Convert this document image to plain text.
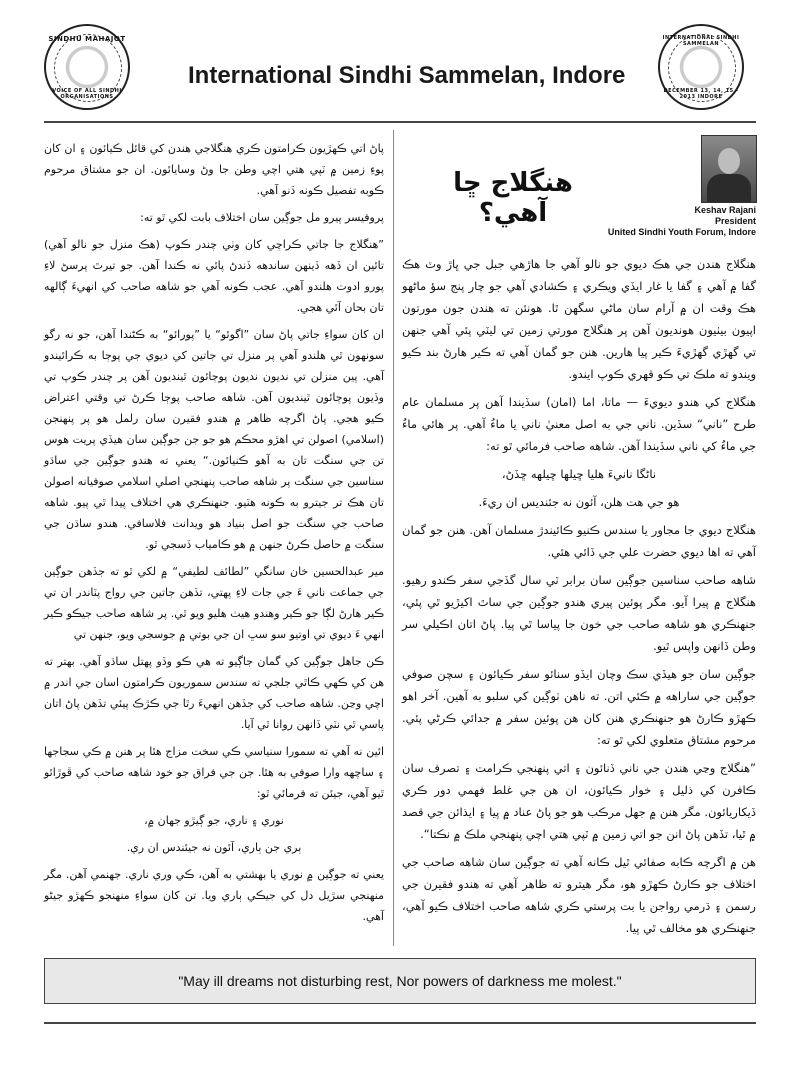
SINDHU MAHAJOT
VOICE OF ALL SINDHI ORGANISATIONS
International Sindhi Sammelan, Indore
INTERNATIONAL SINDHI SAMMELAN
DECEMBER 13, 14, 15 - 2013 INDORE

پاڻ اتي ڪهڙيون ڪرامتون ڪري هنگلاجي هندن کي قائل ڪيائون ۽ ان کان پوءِ زمين ۾ ٽپي هتي اچي وطن جا وڻ وسايائون. ان جو مشتاق مرحوم ڪوبه تفصيل ڪونه ڏنو آهي.

پروفيسر پيرو مل جوڳين سان اختلاف بابت لکي ٿو ته:

”هنگلاج جا جاتي ڪراچي کان وٺي چندر ڪوپ (هڪ منزل جو نالو آهي) تائين ان ڏهه ڏينهن ساندهه ڏندڻ پائي نه ڪندا آهن. جو تيرٿ پرسڻ لاءِ پورو ادوت هلندو آهي. عجب ڪونه آهي جو شاهه صاحب کي انهيءَ ڳالهه تان بحان آئي هجي.

ان کان سواءِ جاتي پاڻ سان ”اگوئو“ يا ”پورائو“ به ڪڻندا آهن، جو نه رگو سونهون ٿي هلندو آهي پر منزل تي جاتين کي ديوي جي پوڄا به ڪرائيندو آهي. پين منزلن تي نديون نديون پوڄائون ٿينديون آهن پر چندر ڪوپ تي وڏيون پوڄائون ٿينديون آهن. شاهه صاحب پوڄا ڪرڻ تي وقتي اعتراض ڪيو هجي. پاڻ اگرچه ظاهر ۾ هندو فقيرن سان رلمل هو پر پنهنجن (اسلامي) اصولن تي اهڙو محڪم هو جو جن جوڳين سان هيڏي پريت هوس تن جي سنگت تان به آهو ڪنيائون.“ يعني ته هندو جوڳين جي ساڌو سناسين جي سنگت پر شاهه صاحب پنهنجي اصلي اسلامي صوفيانه اصولن تان هڪ تر جيترو به ڪونه هٽيو. جنهنڪري هي اختلاف پيدا ٿي پيو. شاهه صاحب جي سنگت جو اصل بنياد هو ويدانت فلاسافي. هندو ساڌن جي سنگت ۾ حاصل ڪرڻ جنهن ۾ هو ڪامياب ڏسجي ٿو.

مير عبدالحسين خان سانگي ”لطائف لطيفي“ ۾ لکي ٿو ته جڏهن جوڳين جي جماعت ناني ءَ جي جات لاءِ پهتي، تڏهن جاتين جي رواج پٽاندر ان تي ڪير هارڻ لڳا جو ڪير وهندو هيٺ هليو ويو ٿي. پر شاهه صاحب جيڪو ڪير انهي ءَ ديوي تي اوتيو سو سڀ ان جي بوتي ۾ جوسجي ويو، جنهن تي

ڪن جاهل جوڳين کي گمان جاڳيو ته هي ڪو وڏو پهتل ساڌو آهي. بهتر ته هن کي ڪهي ڪاٿي جلجي ته سندس سموريون ڪرامتون اسان جي اندر ۾ اچي وڃن. شاهه صاحب کي جڏهن انهيءَ رٿا جي ڪڙڪ پيئي تڏهن پاڻ اتان پاسي ٿي نٽي ڏانهن روانا ٿي آيا.

ائين نه آهي ته سمورا سنياسي ڪي سخت مزاج هئا پر هنن ۾ ڪي سجاجها ۽ ساچهه وارا صوفي به هئا. جن جي فراق جو خود شاهه صاحب کي ڦوڙائو ٿيو آهي، جيئن ته فرمائي ٿو:

نوري ۽ ناري، جو ڳيڙو جهان ۾،
ٻري جن ٻاري، آئون نه جيئندس ان ري.

يعني ته جوڳين ۾ نوري يا بهشتي به آهن، ڪي وري ناري. جهنمي آهن. مگر منهنجي سڙيل دل کي جيڪي ٻاري ويا. تن کان سواءِ منهنجو ڪهڙو جيڻو آهي.

هنگلاج ڇا آهي؟	Keshav Rajani
President
United Sindhi Youth Forum, Indore

هنگلاج هندن جي هڪ ديوي جو نالو آهي جا هاڙهي جبل جي ڀاڙ وٽ هڪ گفا ۾ آهي ۽ گفا يا غار ايڏي ويڪري ۽ ڪشادي آهي جو چار پنج سؤ ماڻهو هڪ وقت ان ۾ آرام سان ماڻي سگهن ٿا. هونئن ته هندن جون مورتون اپيون بيٺيون هونديون آهن پر هنگلاج مورتي زمين تي ليٽي پئي آهي جنهن تي گهڙي گهڙيءَ ڪير پيا هارين. هنن جو گمان آهي ته ڪير هارڻ بند ڪيو ويندو ته ملڪ تي ڪو قهري ڪوپ ايندو.

هنگلاج کي هندو ديويءَ — ماتا، اما (امان) سڏيندا آهن پر مسلمان عام طرح ”ناني“ سڏين. ناني جي به اصل معنيٰ ناني يا ماءُ آهي. پر هائي ماءُ جي ماءُ کي ناني سڏيندا آهن. شاهه صاحب فرمائي ٿو ته:

ناڻگا نانيءَ هليا ڇيلها ڇيلهه ڇڏڻ،
هو جي هت هلن، آئون نه جئنديس ان ريءَ.

هنگلاج ديوي جا مجاور يا سندس ڪنيو ڪائيندڙ مسلمان آهن. هنن جو گمان آهي ته اها ديوي حضرت علي جي ڏائي هئي.

شاهه صاحب سناسين جوڳين سان برابر ٽي سال گڏجي سفر ڪندو رهيو. هنگلاج ۾ پيرا آيو. مگر پوئين پيري هندو جوڳين جي ساٿ اکيڙيو ٿي پئي، جنهنڪري هو شاهه صاحب جي خون جا پياسا ٿي پيا. پاڻ اتان اڪيلي سر وطن ڏانهن واپس ٿيو.

جوڳين سان جو هيڏي سڪ وچان ايڏو سنائو سفر ڪيائون ۽ سچن صوفي جوڳين جي ساراهه ۾ ڪئي اتن. ته ناهن ٺوڳين کي سلبو به آهين. آخر اهو ڪهڙو ڪارڻ هو جنهنڪري هنن کان هن پوئين سفر ۾ جدائي ڪرڻي پئي. مرحوم مشتاق متعلوي لکي ٿو ته:

”هنگلاج وڃي هندن جي ناني ڏنائون ۽ اتي پنهنجي ڪرامت ۽ تصرف سان ڪافرن کي ذليل ۽ خوار ڪيائون، ان هن جي غلط فهمي دور ڪري ڏيکاريائون. مگر هنن ۾ جهل مرڪب هو جو پاڻ عناد ۾ پيا ۽ ايذائن جي قصد ۾ ٿيا، تڏهن پاڻ انن جو اتي زمين ۾ ٽپي هتي اچي پنهنجي ملڪ ۾ نڪتا“.

هن ۾ اگرچه ڪابه صفائي ٿيل ڪانه آهي ته جوڳين سان شاهه صاحب جي اختلاف جو ڪارڻ ڪهڙو هو، مگر هيترو ته ظاهر آهي ته هندو فقيرن جي رسمن ۽ ڌرمي رواجن يا بت پرستي ڪري شاهه صاحب اختلاف ڪيو آهي، جنهنڪري هو مخالف ٿي پيا.

"May ill dreams not disturbing rest, Nor powers of darkness me molest."
